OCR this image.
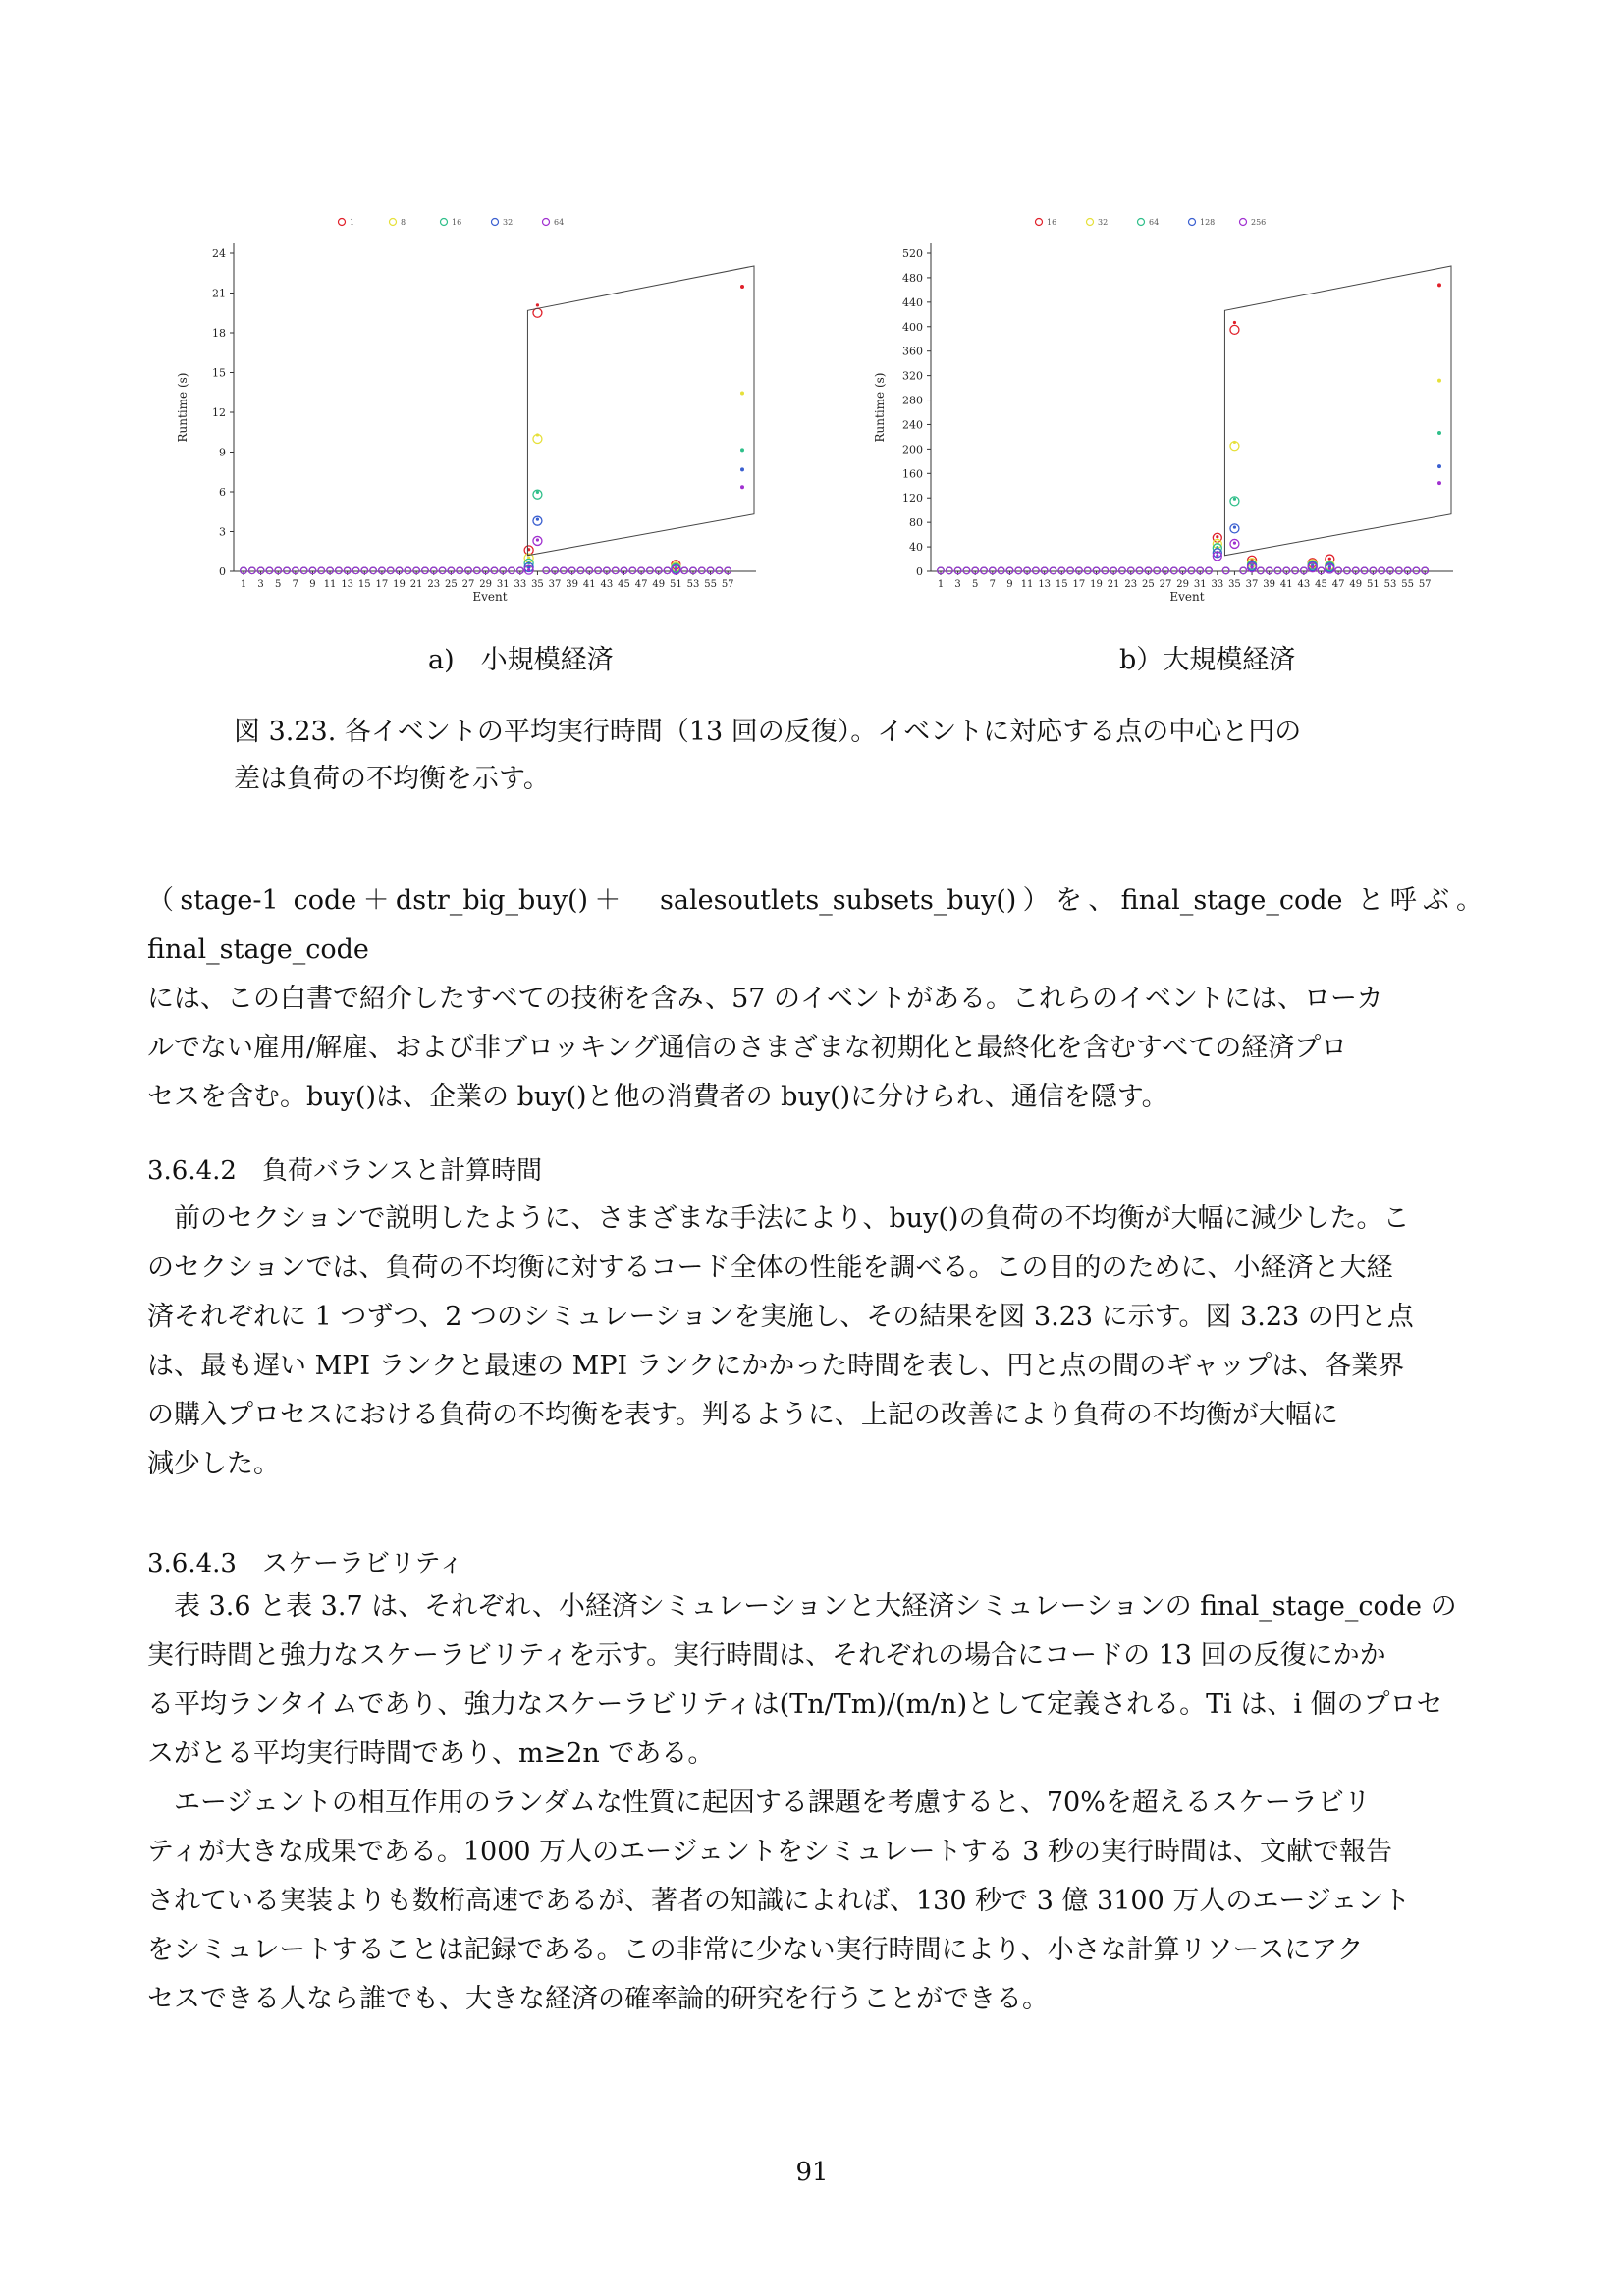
1	8	16	32	64
0
3
6
9
12
15
18
21
24
1 3 5 7 9 11 13 15 17 19 21 23 25 27 29 31 33 35 37 39 41 43 45 47 49 51 53 55 57
Event
Runtime (s)
16	32	64	128	256
0
40
80
120
160
200
240
280
320
360
400
440
480
520
1 3 5 7 9 11 13 15 17 19 21 23 25 27 29 31 33 35 37 39 41 43 45 47 49 51 53 55 57
Event
Runtime (s)
a)　小規模経済	b）大規模経済

図 3.23. 各イベントの平均実行時間（13 回の反復）。イベントに対応する点の中心と円の

差は負荷の不均衡を示す。

（stage-1 code＋dstr_big_buy()＋　salesoutlets_subsets_buy()）を、final_stage_code と呼ぶ。final_stage_code

には、この白書で紹介したすべての技術を含み、57 のイベントがある。これらのイベントには、ローカ

ルでない雇用/解雇、および非ブロッキング通信のさまざまな初期化と最終化を含むすべての経済プロ

セスを含む。buy()は、企業の buy()と他の消費者の buy()に分けられ、通信を隠す。

3.6.4.2　負荷バランスと計算時間

　前のセクションで説明したように、さまざまな手法により、buy()の負荷の不均衡が大幅に減少した。こ

のセクションでは、負荷の不均衡に対するコード全体の性能を調べる。この目的のために、小経済と大経

済それぞれに 1 つずつ、2 つのシミュレーションを実施し、その結果を図 3.23 に示す。図 3.23 の円と点

は、最も遅い MPI ランクと最速の MPI ランクにかかった時間を表し、円と点の間のギャップは、各業界

の購入プロセスにおける負荷の不均衡を表す。判るように、上記の改善により負荷の不均衡が大幅に

減少した。

3.6.4.3　スケーラビリティ

　表 3.6 と表 3.7 は、それぞれ、小経済シミュレーションと大経済シミュレーションの final_stage_code の

実行時間と強力なスケーラビリティを示す。実行時間は、それぞれの場合にコードの 13 回の反復にかか

る平均ランタイムであり、強力なスケーラビリティは(Tn/Tm)/(m/n)として定義される。Ti は、i 個のプロセ

スがとる平均実行時間であり、m≥2n である。

　エージェントの相互作用のランダムな性質に起因する課題を考慮すると、70%を超えるスケーラビリ

ティが大きな成果である。1000 万人のエージェントをシミュレートする 3 秒の実行時間は、文献で報告

されている実装よりも数桁高速であるが、著者の知識によれば、130 秒で 3 億 3100 万人のエージェント

をシミュレートすることは記録である。この非常に少ない実行時間により、小さな計算リソースにアク

セスできる人なら誰でも、大きな経済の確率論的研究を行うことができる。

91
